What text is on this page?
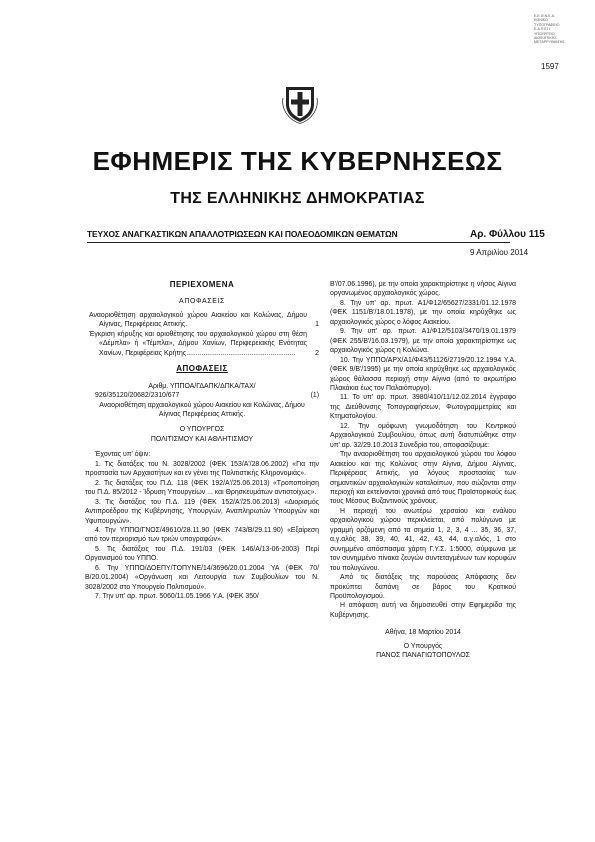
Ε.Ε.Θ.Ν.Ε.Α.
ΕΘΝΙΚΟ
ΤΥΠΟΓΡΑΦΕΙΟ
Ε.Α.Π.ΕΙ.Ι.
ΥΠΟΥΡΓΕΙΟ
ΔΙΟΙΚΗΤΙΚΗΣ
ΜΕΤΑΡΡΥΘΜΙΣΗΣ
1597
ΕΦΗΜΕΡΙΣ ΤΗΣ ΚΥΒΕΡΝΗΣΕΩΣ
ΤΗΣ ΕΛΛΗΝΙΚΗΣ ΔΗΜΟΚΡΑΤΙΑΣ
ΤΕΥΧΟΣ ΑΝΑΓΚΑΣΤΙΚΩΝ ΑΠΑΛΛΟΤΡΙΩΣΕΩΝ ΚΑΙ ΠΟΛΕΟΔΟΜΙΚΩΝ ΘΕΜΑΤΩΝ	Αρ. Φύλλου 115
9 Απριλίου 2014
ΠΕΡΙΕΧΟΜΕΝΑ
ΑΠΟΦΑΣΕΙΣ
Αναοριοθέτηση αρχαιολογικού χώρου Αιακείου και Κολώνας, Δήμου Αίγινας, Περιφέρειας Αττικής.	1
Έγκριση κήρυξης και οριοθέτησης του αρχαιολογικού χώρου στη θέση «Δέμπλα» ή «Τέμπλα», Δήμου Χανίων, Περιφερειακής Ενότητας Χανίων, Περιφέρειας Κρήτης.........................................................	2
ΑΠΟΦΑΣΕΙΣ

Αριθμ. ΥΠΠΟΑ/ΓΔΑΠΚ/ΔΠΚΑ/ΤΑΧ/

926/35120/20682/2310/677	(1)

Αναοριοθέτηση αρχαιολογικού χώρου Αιακείου και Κολώνας, Δήμου Αίγινας Περιφέρειας Αττικής.

Ο ΥΠΟΥΡΓΟΣ

ΠΟΛΙΤΙΣΜΟΥ ΚΑΙ ΑΘΛΗΤΙΣΜΟΥ

Έχοντας υπ' όψιν:

1. Τις διατάξεις του Ν. 3028/2002 (ΦΕΚ 153/Α'/28.06.2002) «Για την προστασία των Αρχαιοτήτων και εν γένει της Πολιτιστικής Κληρονομιάς».

2. Τις διατάξεις του Π.Δ. 118 (ΦΕΚ 192/Α'/25.06.2013) «Τροποποίηση του Π.Δ. 85/2012 - Ίδρυση Υπουργείων ... και Θρησκευμάτων αντιστοίχως».

3. Τις διατάξεις του Π.Δ. 119 (ΦΕΚ 152/Α'/25.06.2013) «Διορισμός Αντιπροέδρου της Κυβέρνησης, Υπουργών, Αναπληρωτών Υπουργών και Υφυπουργών».

4. Την ΥΠΠΟ/ΓΝΟΣ/49610/28.11.90 (ΦΕΚ 743/Β/29.11.90) «Εξαίρεση από τον περιορισμό των τριών υπογραφών».

5. Τις διατάξεις του Π.Δ. 191/03 (ΦΕΚ 146/Α/13-06-2003) Περί Οργανισμού του ΥΠΠΟ.

6. Την ΥΠΠΟ/ΔΟΕΠΥ/ΤΟΠΥΝΕ/14/3696/20.01.2004 ΥΑ (ΦΕΚ 70/Β/20.01.2004) «Οργάνωση και Λειτουργία των Συμβουλίων του Ν. 3028/2002 στο Υπουργείο Πολιτισμού».

7. Την υπ' αρ. πρωτ. 5060/11.05.1966 Υ.Α. (ΦΕΚ 350/

Β'/07.06.1996), με την οποία χαρακτηρίστηκε η νήσος Αίγινα οργανωμένος αρχαιολογικός χώρος.

8. Την υπ' αρ. πρωτ. Α1/Φ12/65627/2331/01.12.1978 (ΦΕΚ 1151/Β'/18.01.1978), με την οποία κηρύχθηκε ως αρχαιολογικός χώρος ο λόφος Αιακείου.

9. Την υπ' αρ. πρωτ. Α1/Φ12/5103/3470/19.01.1979 (ΦΕΚ 255/Β'/16.03.1979), με την οποία χαρακτηρίστηκε ως αρχαιολογικός χώρος η Κολώνα.

10. Την ΥΠΠΟ/ΑΡΧ/Α1/Φ43/51126/2719/20.12.1994 Υ.Α. (ΦΕΚ 9/Β'/1995) με την οποία κηρύχθηκε ως αρχαιολογικός χώρος θάλασσα περιοχή στην Αίγινα (από το ακρωτήριο Πλακάκια έως τον Παλαιόπυργο).

11. Το υπ' αρ. πρωτ. 3980/410/11/12.02.2014 έγγραφο της Διεύθυνσης Τοπογραφήσεων, Φωτογραμμετρίας και Κτηματολογίου.

12. Την ομόφωνη γνωμοδότηση του Κεντρικού Αρχαιολογικού Συμβουλίου, όπως αυτή διατυπώθηκε στην υπ' αρ. 32/29.10.2013 Συνεδρία του, αποφασίζουμε:

Την αναοριοθέτηση του αρχαιολογικού χώρου του λόφου Αιακείου και της Κολώνας στην Αίγινα, Δήμου Αίγινας, Περιφέρειας Αττικής, για λόγους προστασίας των σημαντικών αρχαιολογικών καταλοίπων, που σώζονται στην περιοχή και εκτείνονται χρονικά από τους Προϊστορικούς έως τους Μέσους Βυζαντινούς χρόνους.

Η περιοχή του ανωτέρω χερσαίου και ενάλιου αρχαιολογικού χώρου περικλείεται, από πολύγωνο με γραμμή ορζόμενη από τα σημεία 1, 2, 3, 4 ... 35, 36, 37, α.γ.αλός 38, 39, 40, 41, 42, 43, 44, α.γ.αλός, 1 στο συνημμένο απόσπασμα χάρτη Γ.Υ.Σ. 1:5000, σύμφωνα με τον συνημμένο πίνακα ζευγών συντεταγμένων των κορυφών του πολυγώνου.

Από τις διατάξεις της παρούσας Απόφασης δεν προκύπτει δαπάνη σε βάρος του Κρατικού Προϋπολογισμού.

Η απόφαση αυτή να δημοσιευθεί στην Εφημερίδα της Κυβέρνησης.

Αθήνα, 18 Μαρτίου 2014

Ο Υπουργός

ΠΑΝΟΣ ΠΑΝΑΓΙΩΤΟΠΟΥΛΟΣ
